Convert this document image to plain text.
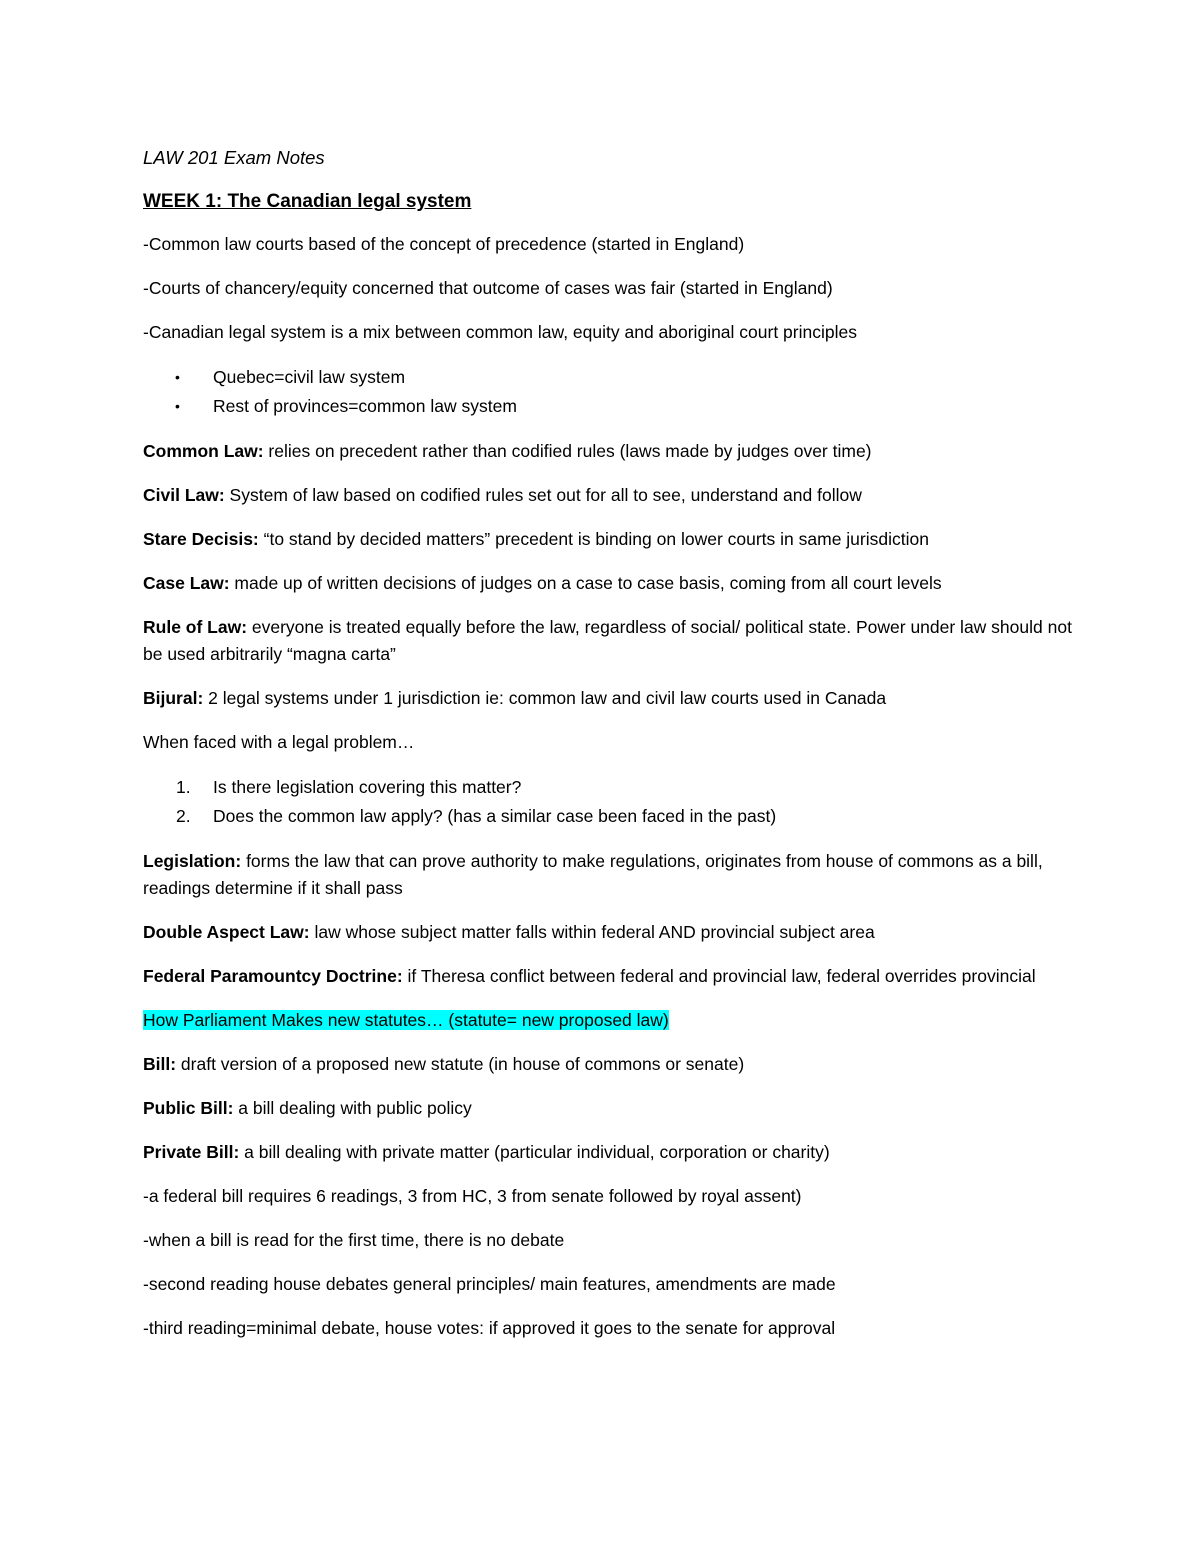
LAW 201 Exam Notes
WEEK 1: The Canadian legal system

-Common law courts based of the concept of precedence (started in England)

-Courts of chancery/equity concerned that outcome of cases was fair (started in England)

-Canadian legal system is a mix between common law, equity and aboriginal court principles

• Quebec=civil law system
• Rest of provinces=common law system

Common Law: relies on precedent rather than codified rules (laws made by judges over time)

Civil Law: System of law based on codified rules set out for all to see, understand and follow

Stare Decisis: “to stand by decided matters” precedent is binding on lower courts in same jurisdiction

Case Law: made up of written decisions of judges on a case to case basis, coming from all court levels

Rule of Law: everyone is treated equally before the law, regardless of social/ political state. Power under law should not be used arbitrarily “magna carta”

Bijural: 2 legal systems under 1 jurisdiction ie: common law and civil law courts used in Canada

When faced with a legal problem…

1. Is there legislation covering this matter?
2. Does the common law apply? (has a similar case been faced in the past)

Legislation: forms the law that can prove authority to make regulations, originates from house of commons as a bill, readings determine if it shall pass

Double Aspect Law: law whose subject matter falls within federal AND provincial subject area

Federal Paramountcy Doctrine: if Theresa conflict between federal and provincial law, federal overrides provincial

How Parliament Makes new statutes… (statute= new proposed law)

Bill: draft version of a proposed new statute (in house of commons or senate)

Public Bill: a bill dealing with public policy

Private Bill: a bill dealing with private matter (particular individual, corporation or charity)

-a federal bill requires 6 readings, 3 from HC, 3 from senate followed by royal assent)

-when a bill is read for the first time, there is no debate

-second reading house debates general principles/ main features, amendments are made

-third reading=minimal debate, house votes: if approved it goes to the senate for approval
